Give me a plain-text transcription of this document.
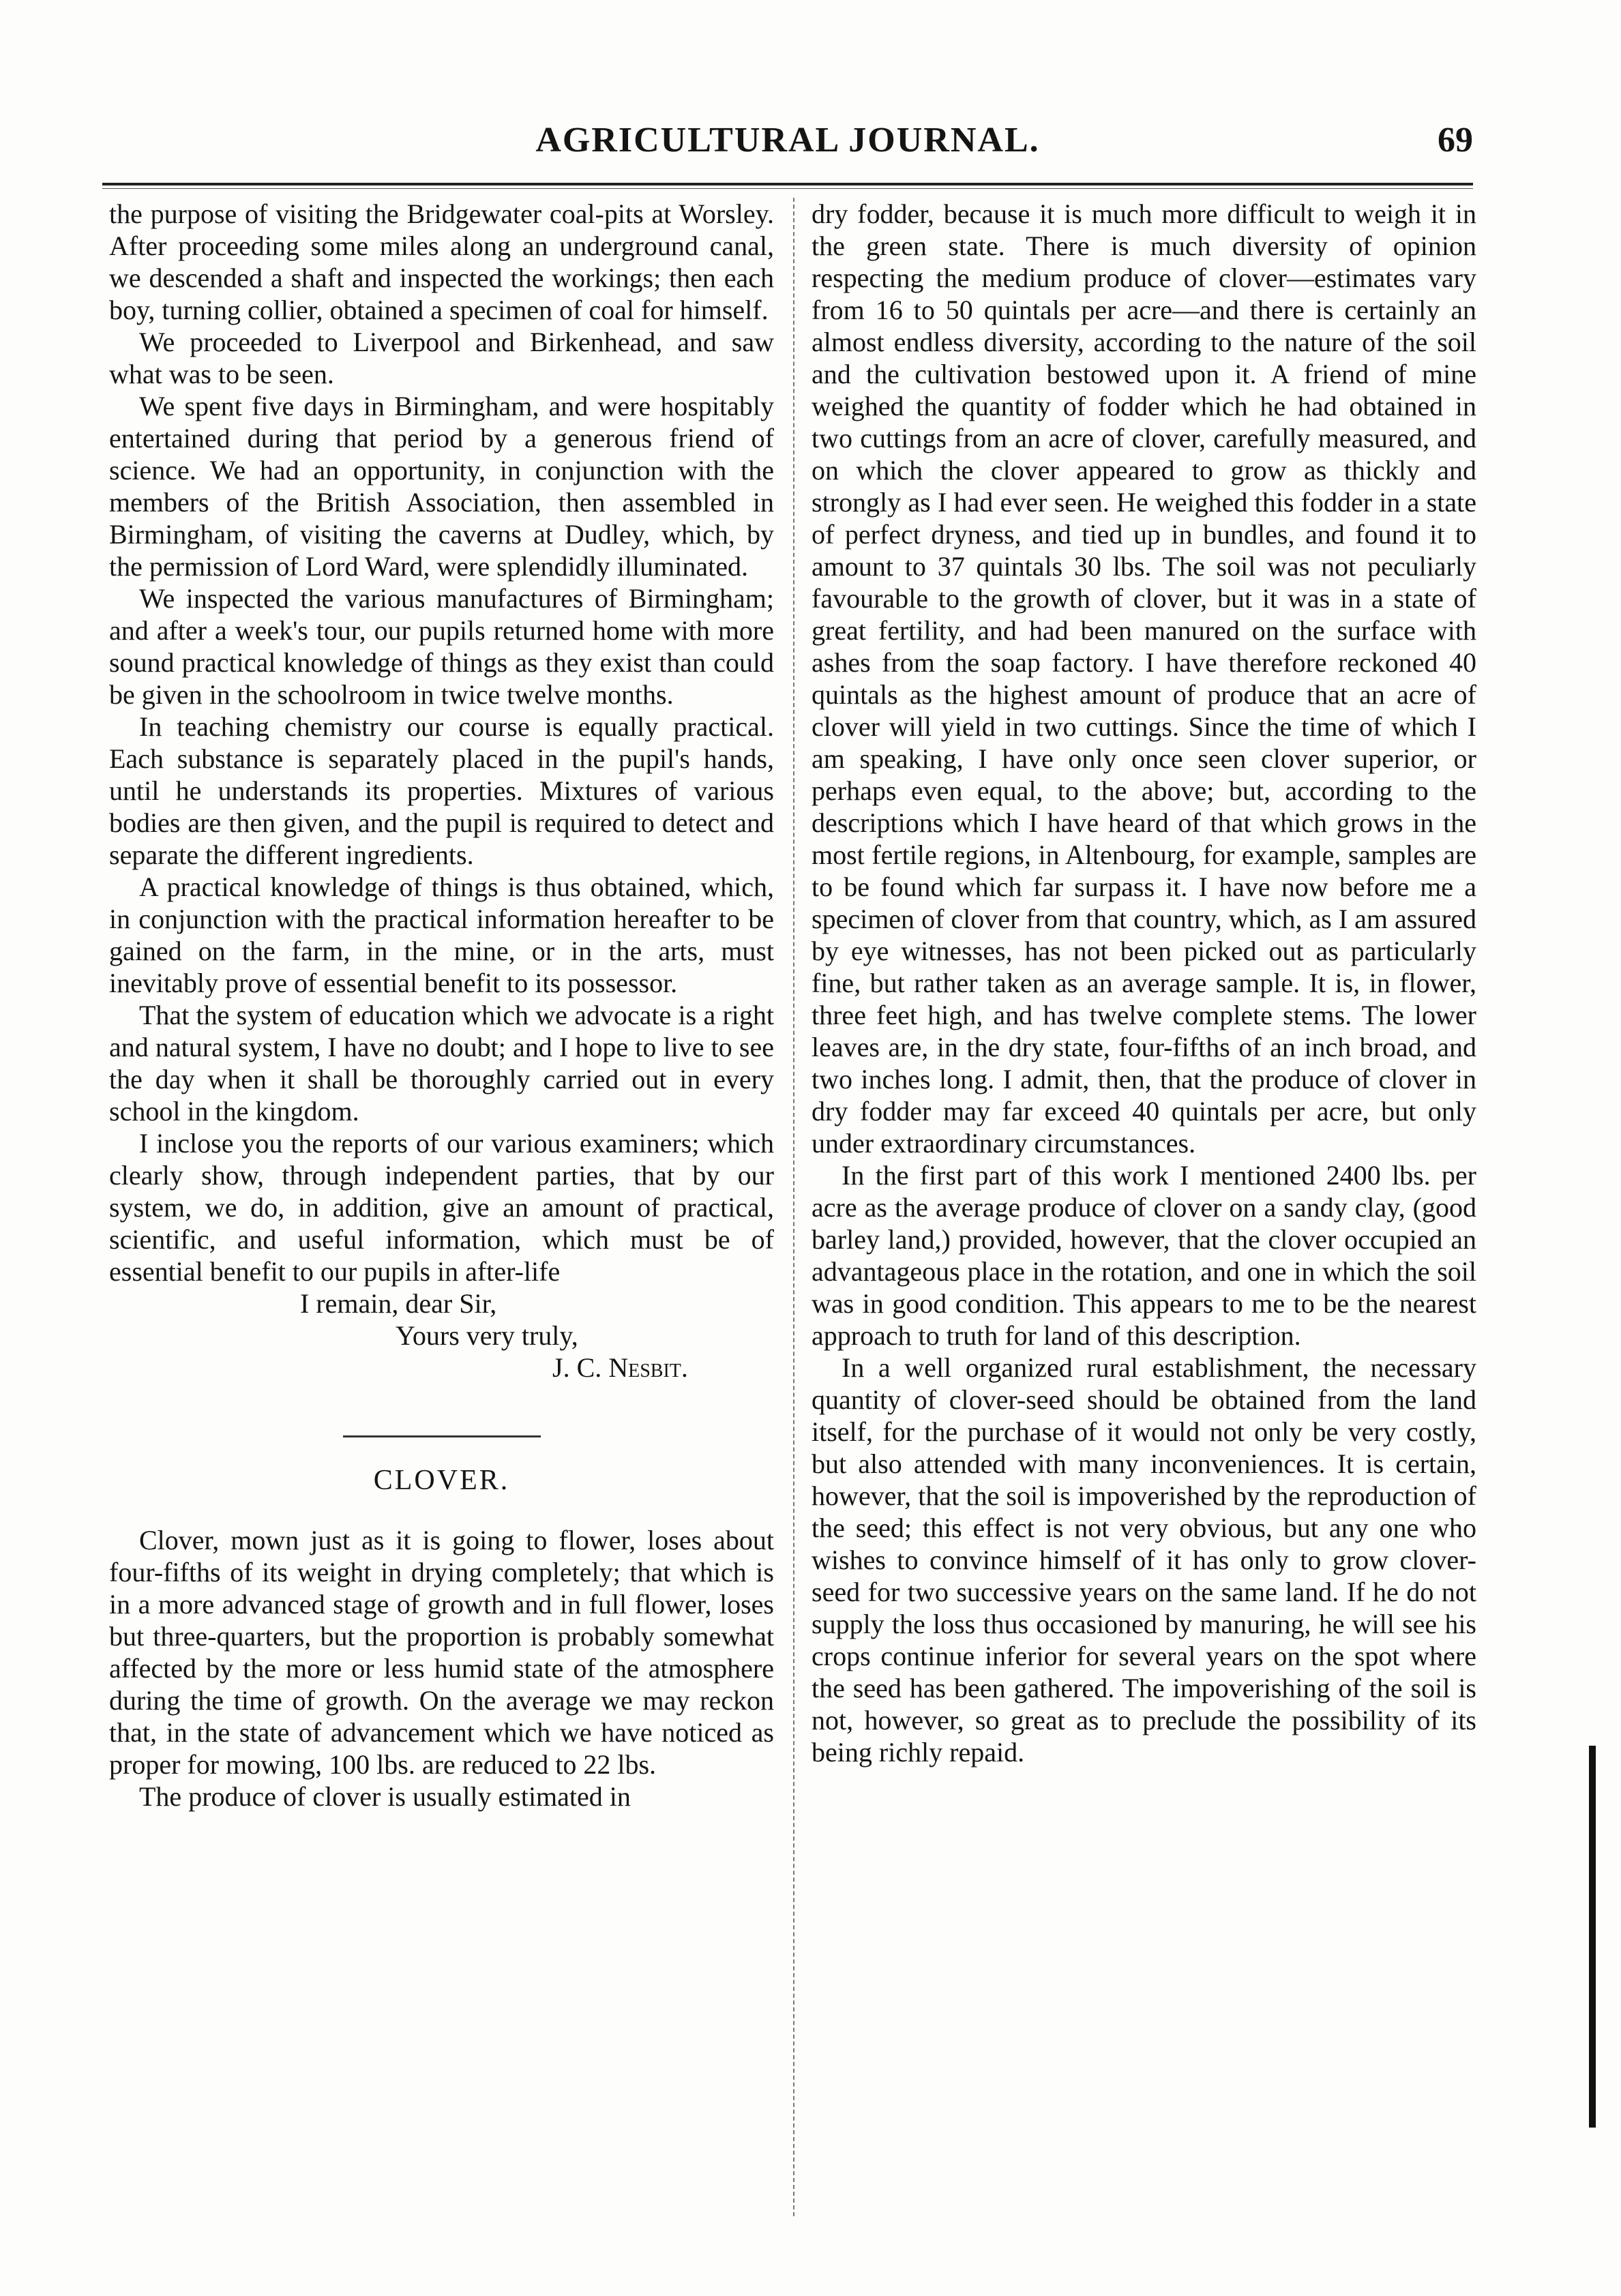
AGRICULTURAL JOURNAL.	69

the purpose of visiting the Bridgewater coal-pits at Worsley. After proceeding some miles along an underground canal, we descended a shaft and inspected the workings; then each boy, turning collier, obtained a specimen of coal for himself.

We proceeded to Liverpool and Birkenhead, and saw what was to be seen.

We spent five days in Birmingham, and were hospitably entertained during that period by a generous friend of science. We had an opportunity, in conjunction with the members of the British Association, then assembled in Birmingham, of visiting the caverns at Dudley, which, by the permission of Lord Ward, were splendidly illuminated.

We inspected the various manufactures of Birmingham; and after a week's tour, our pupils returned home with more sound practical knowledge of things as they exist than could be given in the schoolroom in twice twelve months.

In teaching chemistry our course is equally practical. Each substance is separately placed in the pupil's hands, until he understands its properties. Mixtures of various bodies are then given, and the pupil is required to detect and separate the different ingredients.

A practical knowledge of things is thus obtained, which, in conjunction with the practical information hereafter to be gained on the farm, in the mine, or in the arts, must inevitably prove of essential benefit to its possessor.

That the system of education which we advocate is a right and natural system, I have no doubt; and I hope to live to see the day when it shall be thoroughly carried out in every school in the kingdom.

I inclose you the reports of our various examiners; which clearly show, through independent parties, that by our system, we do, in addition, give an amount of practical, scientific, and useful information, which must be of essential benefit to our pupils in after-life

I remain, dear Sir,
Yours very truly,
J. C. Nesbit.
CLOVER.

Clover, mown just as it is going to flower, loses about four-fifths of its weight in drying completely; that which is in a more advanced stage of growth and in full flower, loses but three-quarters, but the proportion is probably somewhat affected by the more or less humid state of the atmosphere during the time of growth. On the average we may reckon that, in the state of advancement which we have noticed as proper for mowing, 100 lbs. are reduced to 22 lbs.

The produce of clover is usually estimated in

dry fodder, because it is much more difficult to weigh it in the green state. There is much diversity of opinion respecting the medium produce of clover—estimates vary from 16 to 50 quintals per acre—and there is certainly an almost endless diversity, according to the nature of the soil and the cultivation bestowed upon it. A friend of mine weighed the quantity of fodder which he had obtained in two cuttings from an acre of clover, carefully measured, and on which the clover appeared to grow as thickly and strongly as I had ever seen. He weighed this fodder in a state of perfect dryness, and tied up in bundles, and found it to amount to 37 quintals 30 lbs. The soil was not peculiarly favourable to the growth of clover, but it was in a state of great fertility, and had been manured on the surface with ashes from the soap factory. I have therefore reckoned 40 quintals as the highest amount of produce that an acre of clover will yield in two cuttings. Since the time of which I am speaking, I have only once seen clover superior, or perhaps even equal, to the above; but, according to the descriptions which I have heard of that which grows in the most fertile regions, in Altenbourg, for example, samples are to be found which far surpass it. I have now before me a specimen of clover from that country, which, as I am assured by eye witnesses, has not been picked out as particularly fine, but rather taken as an average sample. It is, in flower, three feet high, and has twelve complete stems. The lower leaves are, in the dry state, four-fifths of an inch broad, and two inches long. I admit, then, that the produce of clover in dry fodder may far exceed 40 quintals per acre, but only under extraordinary circumstances.

In the first part of this work I mentioned 2400 lbs. per acre as the average produce of clover on a sandy clay, (good barley land,) provided, however, that the clover occupied an advantageous place in the rotation, and one in which the soil was in good condition. This appears to me to be the nearest approach to truth for land of this description.

In a well organized rural establishment, the necessary quantity of clover-seed should be obtained from the land itself, for the purchase of it would not only be very costly, but also attended with many inconveniences. It is certain, however, that the soil is impoverished by the reproduction of the seed; this effect is not very obvious, but any one who wishes to convince himself of it has only to grow clover-seed for two successive years on the same land. If he do not supply the loss thus occasioned by manuring, he will see his crops continue inferior for several years on the spot where the seed has been gathered. The impoverishing of the soil is not, however, so great as to preclude the possibility of its being richly repaid.
